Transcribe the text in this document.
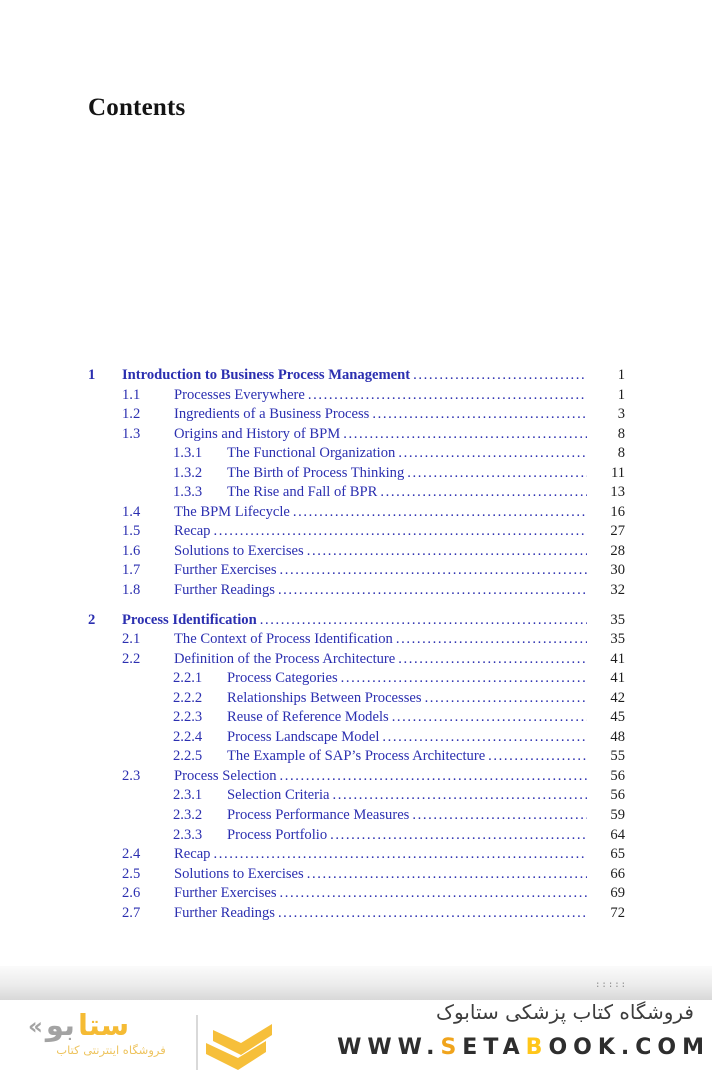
Contents
1	Introduction to Business Process Management .....	1
1.1	Processes Everywhere .....	1
1.2	Ingredients of a Business Process .....	3
1.3	Origins and History of BPM .....	8
1.3.1	The Functional Organization .....	8
1.3.2	The Birth of Process Thinking .....	11
1.3.3	The Rise and Fall of BPR .....	13
1.4	The BPM Lifecycle .....	16
1.5	Recap .....	27
1.6	Solutions to Exercises .....	28
1.7	Further Exercises .....	30
1.8	Further Readings .....	32
2	Process Identification .....	35
2.1	The Context of Process Identification .....	35
2.2	Definition of the Process Architecture .....	41
2.2.1	Process Categories .....	41
2.2.2	Relationships Between Processes .....	42
2.2.3	Reuse of Reference Models .....	45
2.2.4	Process Landscape Model .....	48
2.2.5	The Example of SAP’s Process Architecture .....	55
2.3	Process Selection .....	56
2.3.1	Selection Criteria .....	56
2.3.2	Process Performance Measures .....	59
2.3.3	Process Portfolio .....	64
2.4	Recap .....	65
2.5	Solutions to Exercises .....	66
2.6	Further Exercises .....	69
2.7	Further Readings .....	72
:::::
« بو ستا
فروشگاه اینترنتی کتاب
فروشگاه کتاب پزشکی ستابوک
WWW.SETABOOK.COM
